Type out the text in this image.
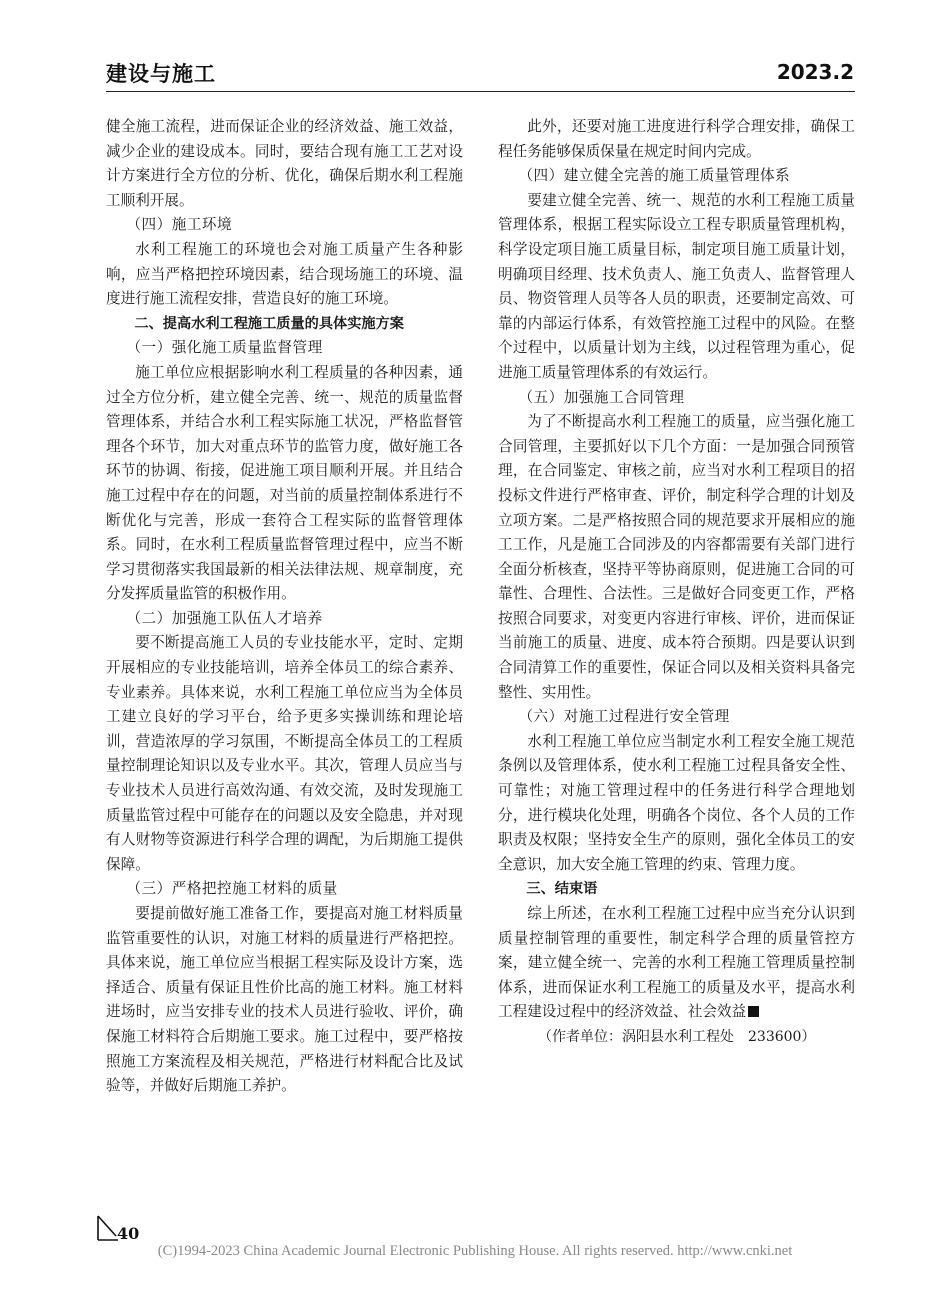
建设与施工	2023.2

健全施工流程，进而保证企业的经济效益、施工效益，减少企业的建设成本。同时，要结合现有施工工艺对设计方案进行全方位的分析、优化，确保后期水利工程施工顺利开展。

（四）施工环境

水利工程施工的环境也会对施工质量产生各种影响，应当严格把控环境因素，结合现场施工的环境、温度进行施工流程安排，营造良好的施工环境。

二、提高水利工程施工质量的具体实施方案

（一）强化施工质量监督管理

施工单位应根据影响水利工程质量的各种因素，通过全方位分析，建立健全完善、统一、规范的质量监督管理体系，并结合水利工程实际施工状况，严格监督管理各个环节，加大对重点环节的监管力度，做好施工各环节的协调、衔接，促进施工项目顺利开展。并且结合施工过程中存在的问题，对当前的质量控制体系进行不断优化与完善，形成一套符合工程实际的监督管理体系。同时，在水利工程质量监督管理过程中，应当不断学习贯彻落实我国最新的相关法律法规、规章制度，充分发挥质量监管的积极作用。

（二）加强施工队伍人才培养

要不断提高施工人员的专业技能水平，定时、定期开展相应的专业技能培训，培养全体员工的综合素养、专业素养。具体来说，水利工程施工单位应当为全体员工建立良好的学习平台，给予更多实操训练和理论培训，营造浓厚的学习氛围，不断提高全体员工的工程质量控制理论知识以及专业水平。其次，管理人员应当与专业技术人员进行高效沟通、有效交流，及时发现施工质量监管过程中可能存在的问题以及安全隐患，并对现有人财物等资源进行科学合理的调配，为后期施工提供保障。

（三）严格把控施工材料的质量

要提前做好施工准备工作，要提高对施工材料质量监管重要性的认识，对施工材料的质量进行严格把控。具体来说，施工单位应当根据工程实际及设计方案，选择适合、质量有保证且性价比高的施工材料。施工材料进场时，应当安排专业的技术人员进行验收、评价，确保施工材料符合后期施工要求。施工过程中，要严格按照施工方案流程及相关规范，严格进行材料配合比及试验等，并做好后期施工养护。

此外，还要对施工进度进行科学合理安排，确保工程任务能够保质保量在规定时间内完成。

（四）建立健全完善的施工质量管理体系

要建立健全完善、统一、规范的水利工程施工质量管理体系，根据工程实际设立工程专职质量管理机构，科学设定项目施工质量目标，制定项目施工质量计划，明确项目经理、技术负责人、施工负责人、监督管理人员、物资管理人员等各人员的职责，还要制定高效、可靠的内部运行体系，有效管控施工过程中的风险。在整个过程中，以质量计划为主线，以过程管理为重心，促进施工质量管理体系的有效运行。

（五）加强施工合同管理

为了不断提高水利工程施工的质量，应当强化施工合同管理，主要抓好以下几个方面：一是加强合同预管理，在合同鉴定、审核之前，应当对水利工程项目的招投标文件进行严格审查、评价，制定科学合理的计划及立项方案。二是严格按照合同的规范要求开展相应的施工工作，凡是施工合同涉及的内容都需要有关部门进行全面分析核查，坚持平等协商原则，促进施工合同的可靠性、合理性、合法性。三是做好合同变更工作，严格按照合同要求，对变更内容进行审核、评价，进而保证当前施工的质量、进度、成本符合预期。四是要认识到合同清算工作的重要性，保证合同以及相关资料具备完整性、实用性。

（六）对施工过程进行安全管理

水利工程施工单位应当制定水利工程安全施工规范条例以及管理体系，使水利工程施工过程具备安全性、可靠性；对施工管理过程中的任务进行科学合理地划分，进行模块化处理，明确各个岗位、各个人员的工作职责及权限；坚持安全生产的原则，强化全体员工的安全意识，加大安全施工管理的约束、管理力度。

三、结束语

综上所述，在水利工程施工过程中应当充分认识到质量控制管理的重要性，制定科学合理的质量管控方案，建立健全统一、完善的水利工程施工管理质量控制体系，进而保证水利工程施工的质量及水平，提高水利工程建设过程中的经济效益、社会效益

（作者单位：涡阳县水利工程处　233600）

40
(C)1994-2023 China Academic Journal Electronic Publishing House. All rights reserved. http://www.cnki.net
